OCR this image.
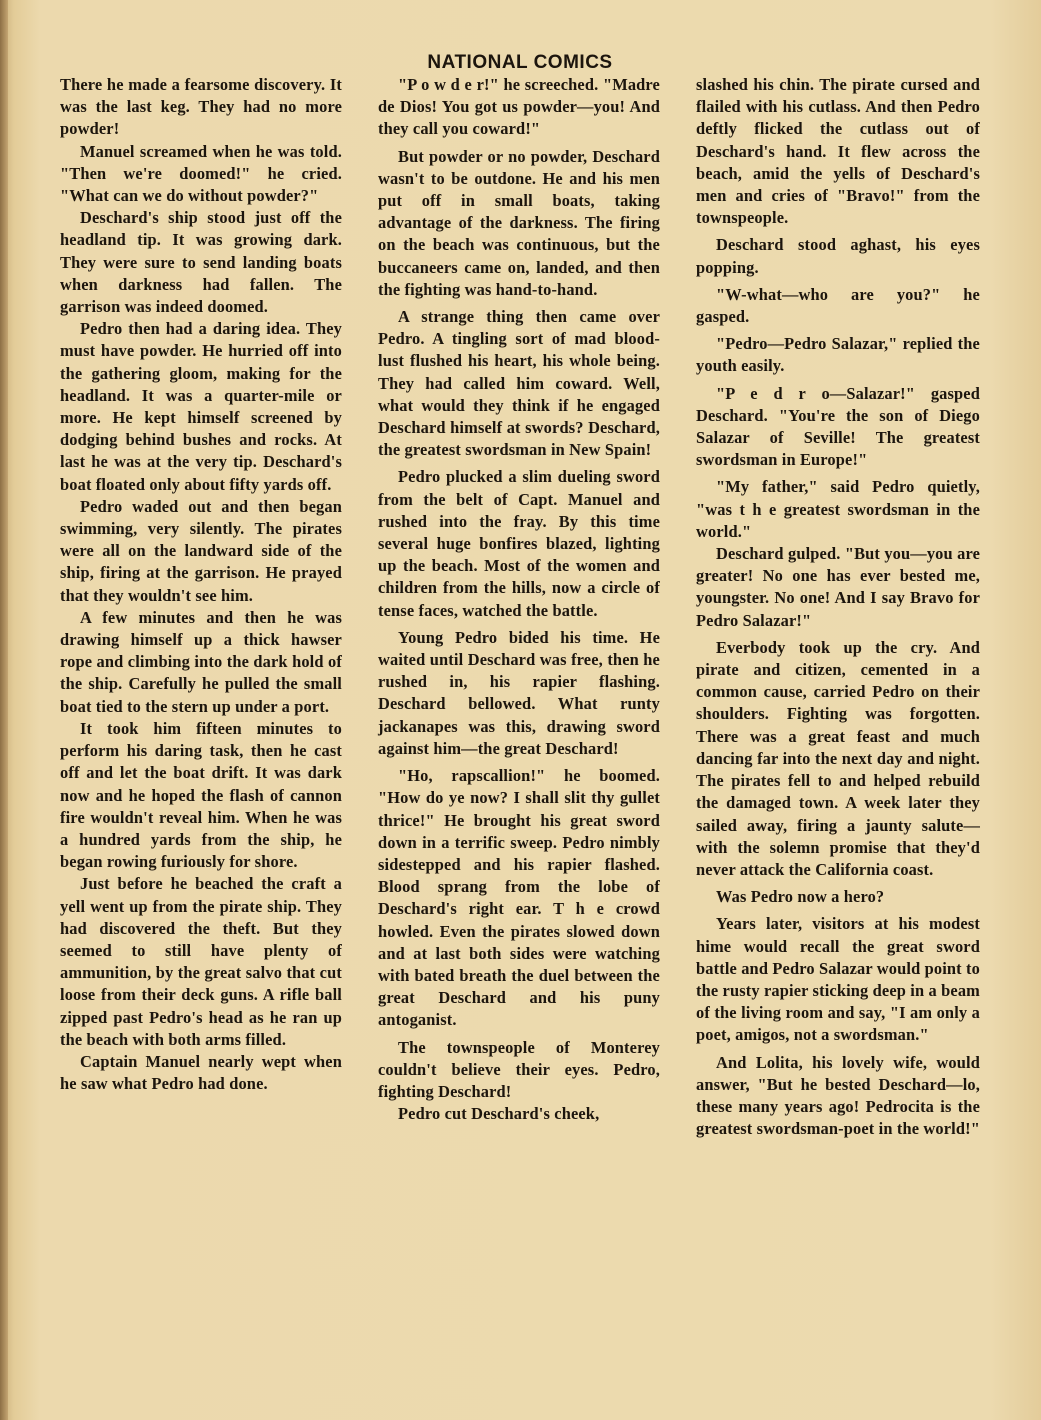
NATIONAL COMICS

There he made a fearsome discovery. It was the last keg. They had no more powder!

Manuel screamed when he was told. "Then we're doomed!" he cried. "What can we do without powder?"

Deschard's ship stood just off the headland tip. It was growing dark. They were sure to send landing boats when darkness had fallen. The garrison was indeed doomed.

Pedro then had a daring idea. They must have powder. He hurried off into the gathering gloom, making for the headland. It was a quarter-mile or more. He kept himself screened by dodging behind bushes and rocks. At last he was at the very tip. Deschard's boat floated only about fifty yards off.

Pedro waded out and then began swimming, very silently. The pirates were all on the landward side of the ship, firing at the garrison. He prayed that they wouldn't see him.

A few minutes and then he was drawing himself up a thick hawser rope and climbing into the dark hold of the ship. Carefully he pulled the small boat tied to the stern up under a port.

It took him fifteen minutes to perform his daring task, then he cast off and let the boat drift. It was dark now and he hoped the flash of cannon fire wouldn't reveal him. When he was a hundred yards from the ship, he began rowing furiously for shore.

Just before he beached the craft a yell went up from the pirate ship. They had discovered the theft. But they seemed to still have plenty of ammunition, by the great salvo that cut loose from their deck guns. A rifle ball zipped past Pedro's head as he ran up the beach with both arms filled.

Captain Manuel nearly wept when he saw what Pedro had done.

"P o w d e r!" he screeched. "Madre de Dios! You got us powder—you! And they call you coward!"

But powder or no powder, Deschard wasn't to be outdone. He and his men put off in small boats, taking advantage of the darkness. The firing on the beach was continuous, but the buccaneers came on, landed, and then the fighting was hand-to-hand.

A strange thing then came over Pedro. A tingling sort of mad blood-lust flushed his heart, his whole being. They had called him coward. Well, what would they think if he engaged Deschard himself at swords? Deschard, the greatest swordsman in New Spain!

Pedro plucked a slim dueling sword from the belt of Capt. Manuel and rushed into the fray. By this time several huge bonfires blazed, lighting up the beach. Most of the women and children from the hills, now a circle of tense faces, watched the battle.

Young Pedro bided his time. He waited until Deschard was free, then he rushed in, his rapier flashing. Deschard bellowed. What runty jackanapes was this, drawing sword against him—the great Deschard!

"Ho, rapscallion!" he boomed. "How do ye now? I shall slit thy gullet thrice!" He brought his great sword down in a terrific sweep. Pedro nimbly sidestepped and his rapier flashed. Blood sprang from the lobe of Deschard's right ear. T h e crowd howled. Even the pirates slowed down and at last both sides were watching with bated breath the duel between the great Deschard and his puny antoganist.

The townspeople of Monterey couldn't believe their eyes. Pedro, fighting Deschard!

Pedro cut Deschard's cheek,

slashed his chin. The pirate cursed and flailed with his cutlass. And then Pedro deftly flicked the cutlass out of Deschard's hand. It flew across the beach, amid the yells of Deschard's men and cries of "Bravo!" from the townspeople.

Deschard stood aghast, his eyes popping.

"W-what—who are you?" he gasped.

"Pedro—Pedro Salazar," replied the youth easily.

"P e d r o—Salazar!" gasped Deschard. "You're the son of Diego Salazar of Seville! The greatest swordsman in Europe!"

"My father," said Pedro quietly, "was t h e greatest swordsman in the world."

Deschard gulped. "But you—you are greater! No one has ever bested me, youngster. No one! And I say Bravo for Pedro Salazar!"

Everbody took up the cry. And pirate and citizen, cemented in a common cause, carried Pedro on their shoulders. Fighting was forgotten. There was a great feast and much dancing far into the next day and night. The pirates fell to and helped rebuild the damaged town. A week later they sailed away, firing a jaunty salute—with the solemn promise that they'd never attack the California coast.

Was Pedro now a hero?

Years later, visitors at his modest hime would recall the great sword battle and Pedro Salazar would point to the rusty rapier sticking deep in a beam of the living room and say, "I am only a poet, amigos, not a swordsman."

And Lolita, his lovely wife, would answer, "But he bested Deschard—lo, these many years ago! Pedrocita is the greatest swordsman-poet in the world!"
